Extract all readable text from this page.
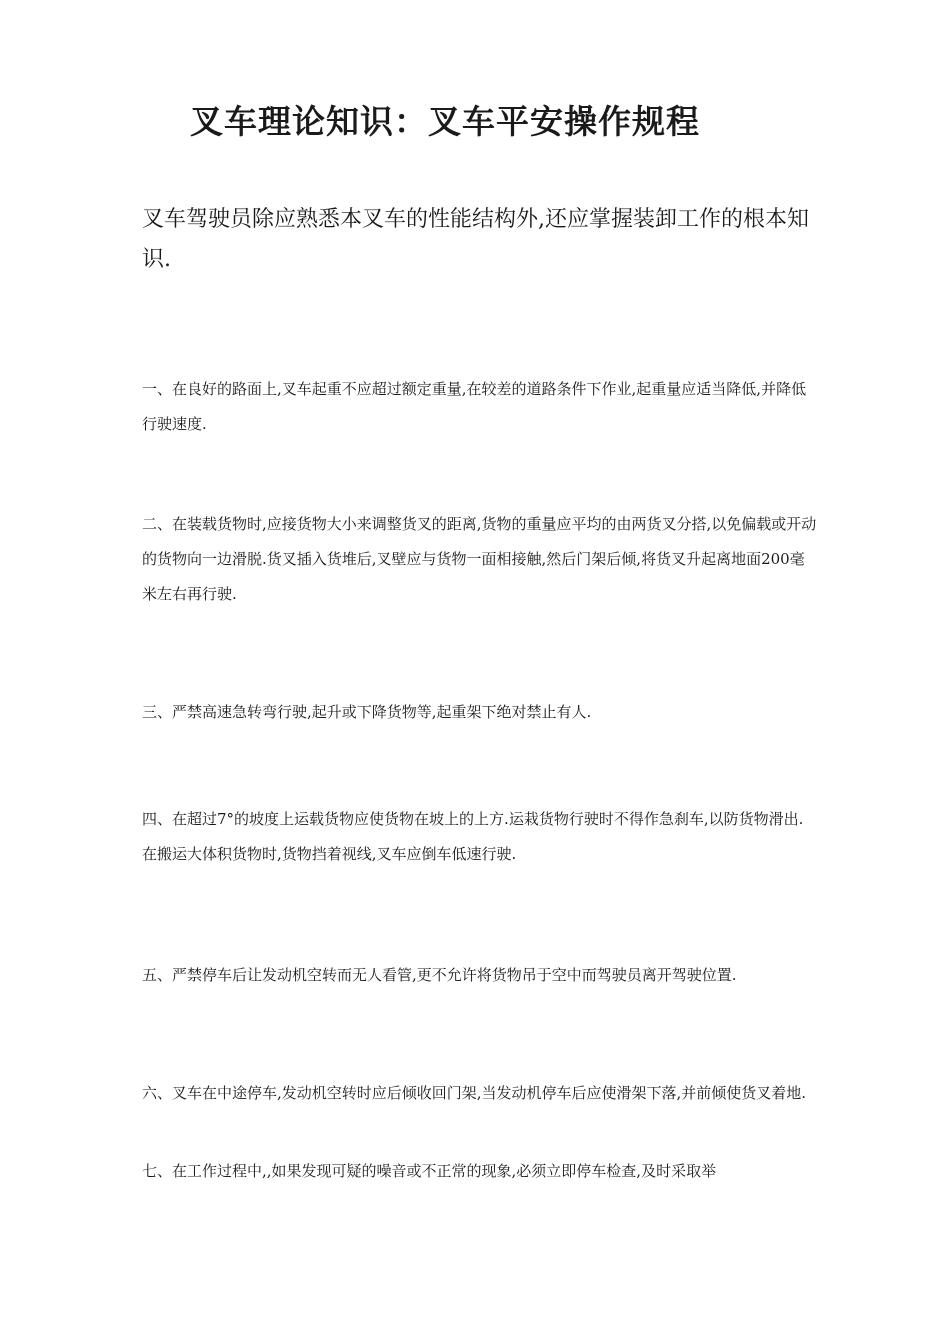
叉车理论知识：叉车平安操作规程

叉车驾驶员除应熟悉本叉车的性能结构外,还应掌握装卸工作的根本知识.

一、在良好的路面上,叉车起重不应超过额定重量,在较差的道路条件下作业,起重量应适当降低,并降低行驶速度.

二、在装载货物时,应接货物大小来调整货叉的距离,货物的重量应平均的由两货叉分搭,以免偏载或开动的货物向一边滑脱.货叉插入货堆后,叉壁应与货物一面相接触,然后门架后倾,将货叉升起离地面200毫米左右再行驶.

三、严禁高速急转弯行驶,起升或下降货物等,起重架下绝对禁止有人.

四、在超过7°的坡度上运载货物应使货物在坡上的上方.运栽货物行驶时不得作急刹车,以防货物滑出.在搬运大体积货物时,货物挡着视线,叉车应倒车低速行驶.

五、严禁停车后让发动机空转而无人看管,更不允许将货物吊于空中而驾驶员离开驾驶位置.

六、叉车在中途停车,发动机空转时应后倾收回门架,当发动机停车后应使滑架下落,并前倾使货叉着地.

七、在工作过程中,,如果发现可疑的噪音或不正常的现象,必须立即停车检查,及时采取举
